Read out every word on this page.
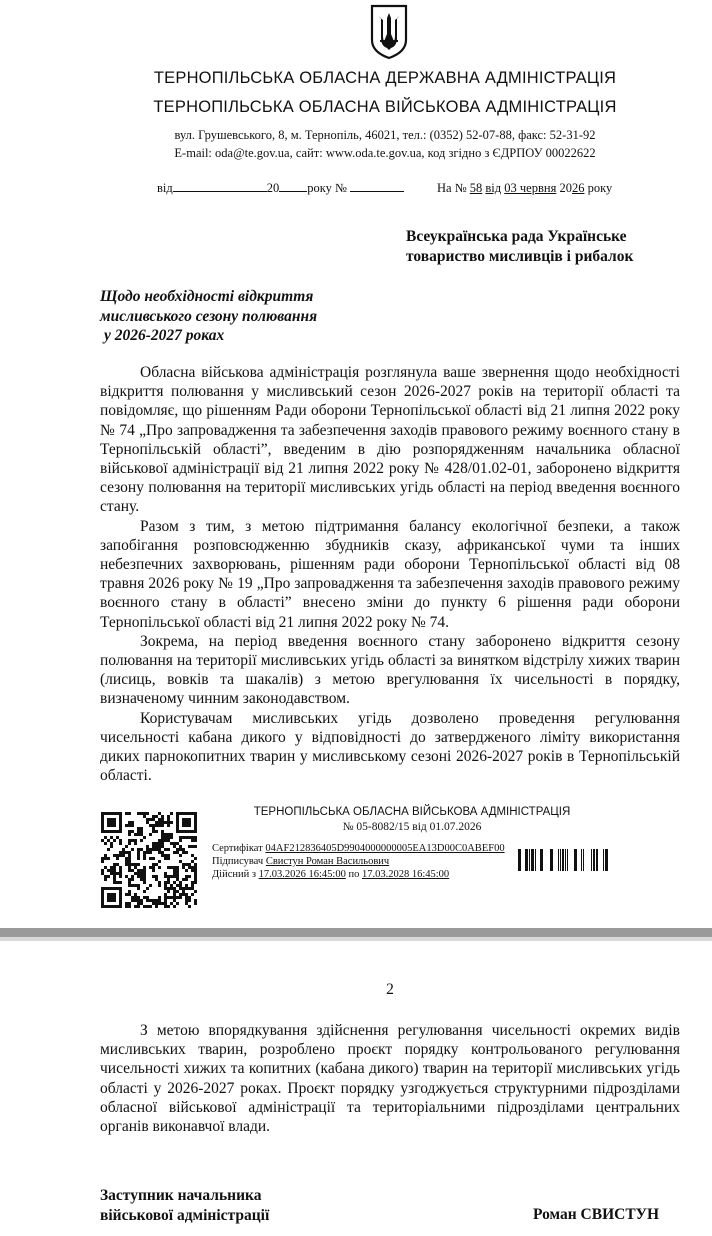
ТЕРНОПІЛЬСЬКА ОБЛАСНА ДЕРЖАВНА АДМІНІСТРАЦІЯ
ТЕРНОПІЛЬСЬКА ОБЛАСНА ВІЙСЬКОВА АДМІНІСТРАЦІЯ
вул. Грушевського, 8, м. Тернопіль, 46021, тел.: (0352) 52-07-88, факс: 52-31-92
E-mail: oda@te.gov.ua, сайт: www.oda.te.gov.ua, код згідно з ЄДРПОУ 00022622
від	20 року №	На № 58 від 03 червня 2026 року
Всеукраїнська рада Українське
товариство мисливців і рибалок
Щодо необхідності відкриття
мисливського сезону полювання
у 2026-2027 роках

Обласна військова адміністрація розглянула ваше звернення щодо необхідності відкриття полювання у мисливський сезон 2026-2027 років на території області та повідомляє, що рішенням Ради оборони Тернопільської області від 21 липня 2022 року № 74 „Про запровадження та забезпечення заходів правового режиму воєнного стану в Тернопільській області”, введеним в дію розпорядженням начальника обласної військової адміністрації від 21 липня 2022 року № 428/01.02-01, заборонено відкриття сезону полювання на території мисливських угідь області на період введення воєнного стану.

Разом з тим, з метою підтримання балансу екологічної безпеки, а також запобігання розповсюдженню збудників сказу, африканської чуми та інших небезпечних захворювань, рішенням ради оборони Тернопільської області від 08 травня 2026 року № 19 „Про запровадження та забезпечення заходів правового режиму воєнного стану в області” внесено зміни до пункту 6 рішення ради оборони Тернопільської області від 21 липня 2022 року № 74.

Зокрема, на період введення воєнного стану заборонено відкриття сезону полювання на території мисливських угідь області за винятком відстрілу хижих тварин (лисиць, вовків та шакалів) з метою врегулювання їх чисельності в порядку, визначеному чинним законодавством.

Користувачам мисливських угідь дозволено проведення регулювання чисельності кабана дикого у відповідності до затвердженого ліміту використання диких парнокопитних тварин у мисливському сезоні 2026-2027 років в Тернопільській області.

ТЕРНОПІЛЬСЬКА ОБЛАСНА ВІЙСЬКОВА АДМІНІСТРАЦІЯ
№ 05-8082/15 від 01.07.2026
Сертифікат 04AF212836405D9904000000005EA13D00C0ABEF00
Підписувач Свистун Роман Васильович
Дійсний з 17.03.2026 16:45:00 по 17.03.2028 16:45:00
2

З метою впорядкування здійснення регулювання чисельності окремих видів мисливських тварин, розроблено проєкт порядку контрольованого регулювання чисельності хижих та копитних (кабана дикого) тварин на території мисливських угідь області у 2026-2027 роках. Проєкт порядку узгоджується структурними підрозділами обласної військової адміністрації та територіальними підрозділами центральних органів виконавчої влади.

Заступник начальника
військової адміністрації	Роман СВИСТУН
